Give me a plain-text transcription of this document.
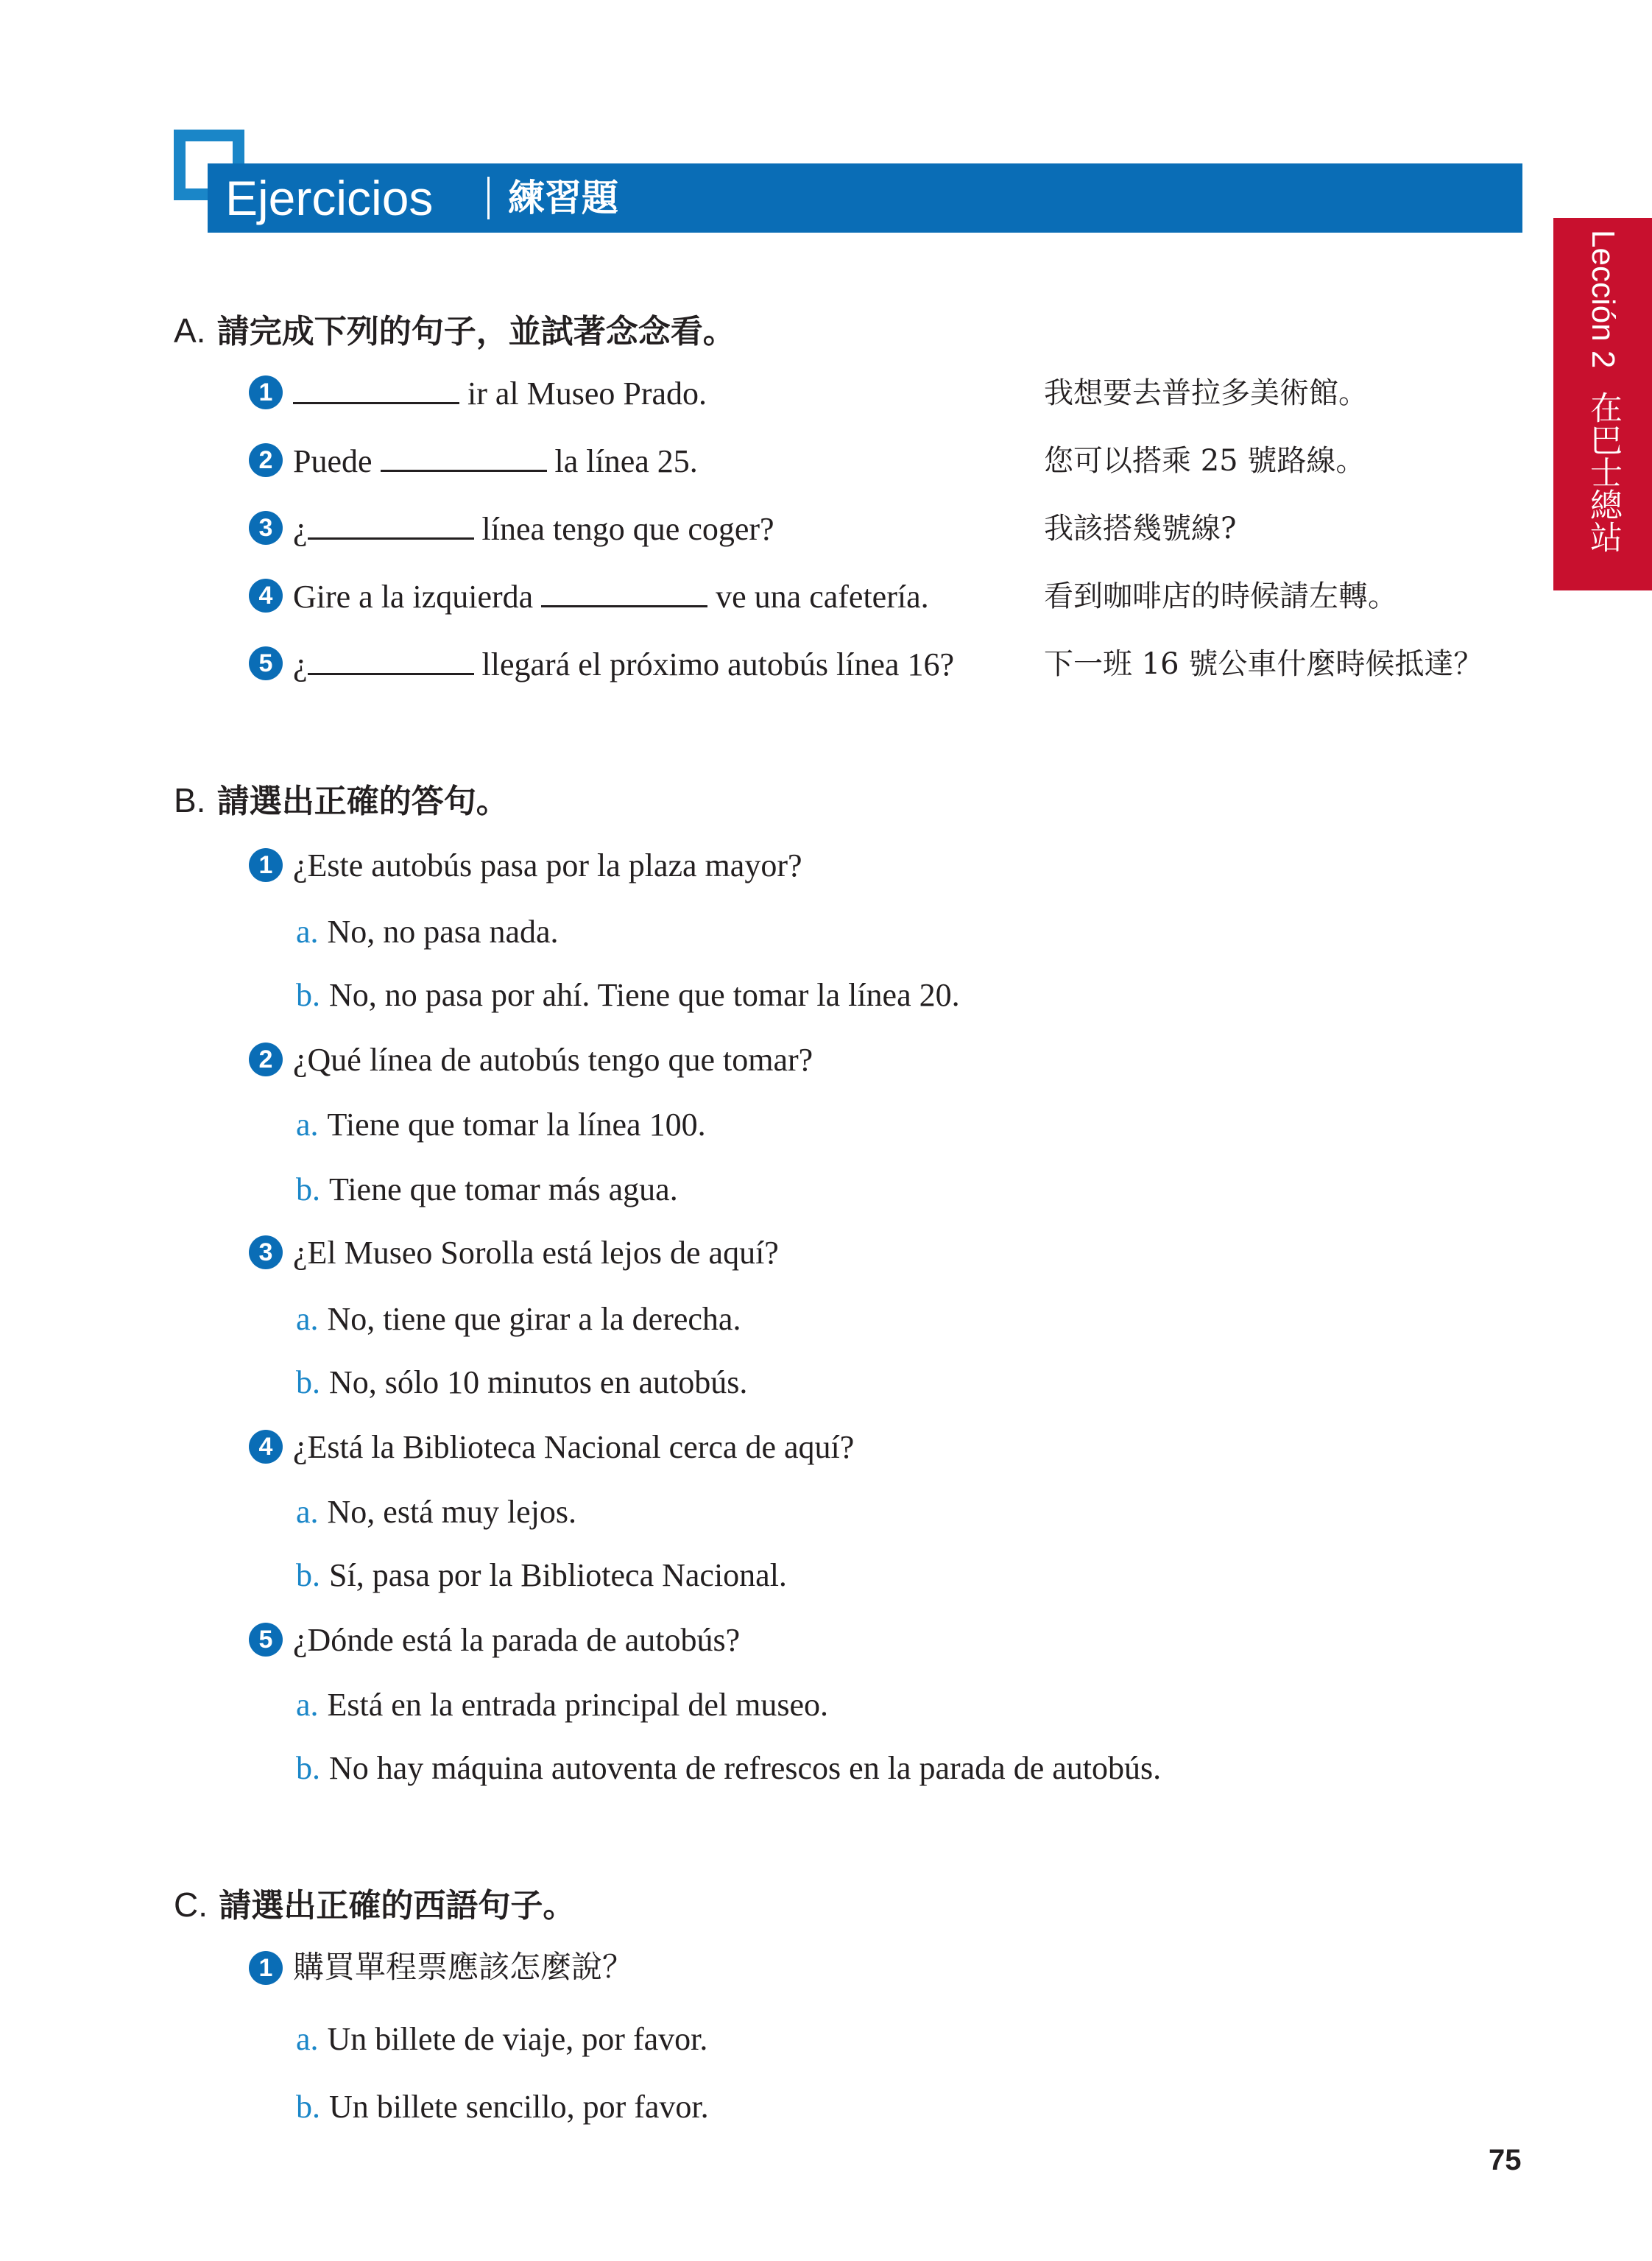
Ejercicios 練習題
Lección 2 在巴士總站
A. 請完成下列的句子，並試著念念看。
1	ir al Museo Prado.	我想要去普拉多美術館。
2 Puede	la línea 25.	您可以搭乘 25 號路線。
3 ¿	línea tengo que coger?	我該搭幾號線?
4 Gire a la izquierda	ve una cafetería.	看到咖啡店的時候請左轉。
5 ¿	llegará el próximo autobús línea 16?	下一班 16 號公車什麼時候抵達？
B. 請選出正確的答句。
1 ¿Este autobús pasa por la plaza mayor?
a. No, no pasa nada.
b. No, no pasa por ahí. Tiene que tomar la línea 20.
2 ¿Qué línea de autobús tengo que tomar?
a. Tiene que tomar la línea 100.
b. Tiene que tomar más agua.
3 ¿El Museo Sorolla está lejos de aquí?
a. No, tiene que girar a la derecha.
b. No, sólo 10 minutos en autobús.
4 ¿Está la Biblioteca Nacional cerca de aquí?
a. No, está muy lejos.
b. Sí, pasa por la Biblioteca Nacional.
5 ¿Dónde está la parada de autobús?
a. Está en la entrada principal del museo.
b. No hay máquina autoventa de refrescos en la parada de autobús.
C. 請選出正確的西語句子。
1 購買單程票應該怎麼說？
a. Un billete de viaje, por favor.
b. Un billete sencillo, por favor.
75
